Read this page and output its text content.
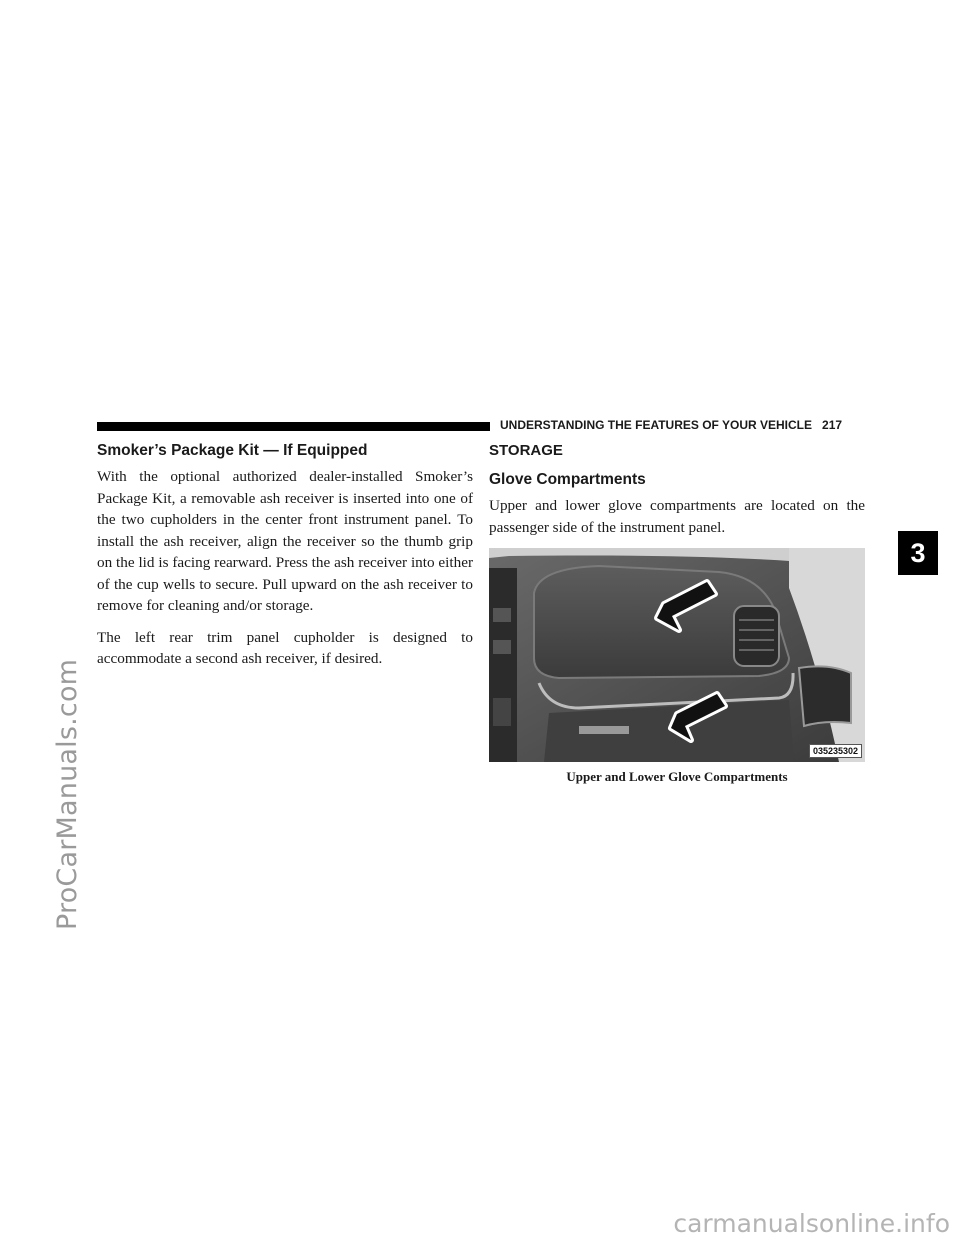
ProCarManuals.com
carmanualsonline.info
UNDERSTANDING THE FEATURES OF YOUR VEHICLE 217
3
Smoker’s Package Kit — If Equipped

With the optional authorized dealer-installed Smoker’s Package Kit, a removable ash receiver is inserted into one of the two cupholders in the center front instrument panel. To install the ash receiver, align the receiver so the thumb grip on the lid is facing rearward. Press the ash receiver into either of the cup wells to secure. Pull upward on the ash receiver to remove for cleaning and/or storage.

The left rear trim panel cupholder is designed to accommodate a second ash receiver, if desired.

STORAGE
Glove Compartments

Upper and lower glove compartments are located on the passenger side of the instrument panel.

035235302
Upper and Lower Glove Compartments
